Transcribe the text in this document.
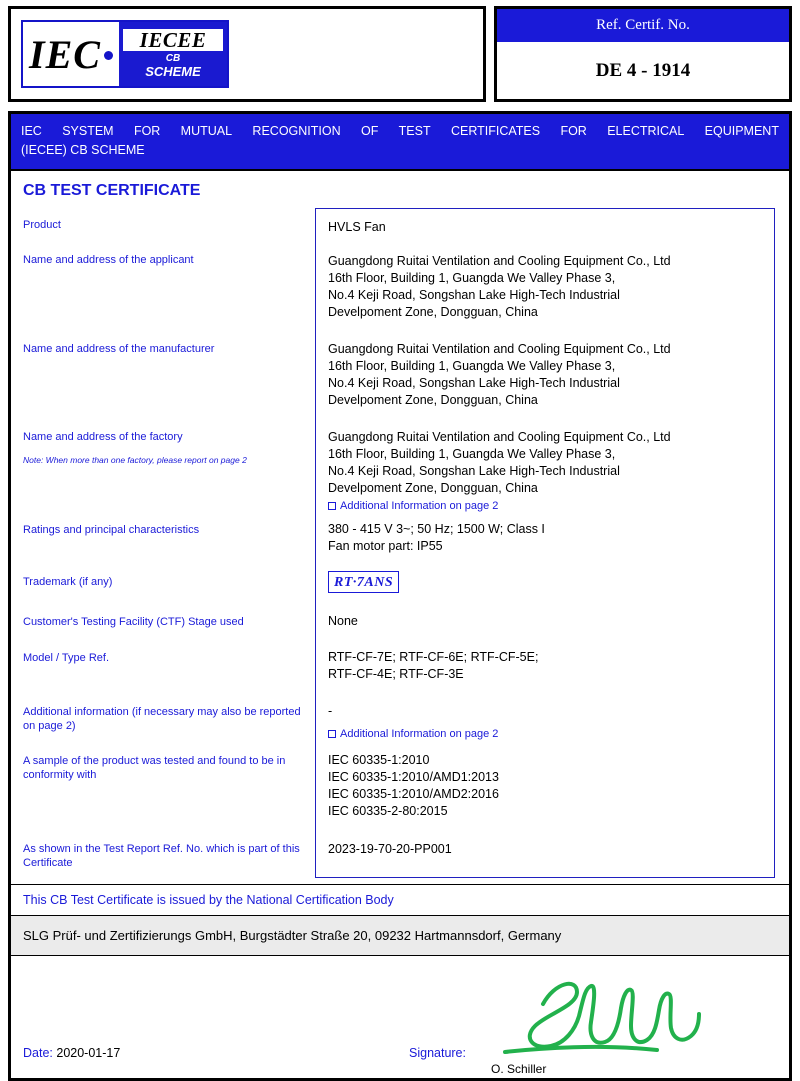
IEC	IECEE
CB
SCHEME
Ref. Certif. No.
DE 4 - 1914
IEC SYSTEM FOR MUTUAL RECOGNITION OF TEST CERTIFICATES FOR ELECTRICAL EQUIPMENT
(IECEE) CB SCHEME
CB TEST CERTIFICATE
Product
Name and address of the applicant
Name and address of the manufacturer
Name and address of the factory
Note: When more than one factory, please report on page 2
Ratings and principal characteristics
Trademark (if any)
Customer's Testing Facility (CTF) Stage used
Model / Type Ref.
Additional information (if necessary may also be reported on page 2)
A sample of the product was tested and found to be in conformity with
As shown in the Test Report Ref. No. which is part of this Certificate
HVLS Fan
Guangdong Ruitai Ventilation and Cooling Equipment Co., Ltd
16th Floor, Building 1, Guangda We Valley Phase 3,
No.4 Keji Road, Songshan Lake High-Tech Industrial
Develpoment Zone, Dongguan, China
Guangdong Ruitai Ventilation and Cooling Equipment Co., Ltd
16th Floor, Building 1, Guangda We Valley Phase 3,
No.4 Keji Road, Songshan Lake High-Tech Industrial
Develpoment Zone, Dongguan, China
Guangdong Ruitai Ventilation and Cooling Equipment Co., Ltd
16th Floor, Building 1, Guangda We Valley Phase 3,
No.4 Keji Road, Songshan Lake High-Tech Industrial
Develpoment Zone, Dongguan, China
Additional Information on page 2
380 - 415 V 3~; 50 Hz; 1500 W; Class I
Fan motor part: IP55
RT·7ANS
None
RTF-CF-7E; RTF-CF-6E; RTF-CF-5E;
RTF-CF-4E; RTF-CF-3E
-
Additional Information on page 2
IEC 60335-1:2010
IEC 60335-1:2010/AMD1:2013
IEC 60335-1:2010/AMD2:2016
IEC 60335-2-80:2015
2023-19-70-20-PP001
This CB Test Certificate is issued by the National Certification Body
SLG Prüf- und Zertifizierungs GmbH, Burgstädter Straße 20, 09232 Hartmannsdorf, Germany
Date: 2020-01-17	Signature:
O. Schiller
